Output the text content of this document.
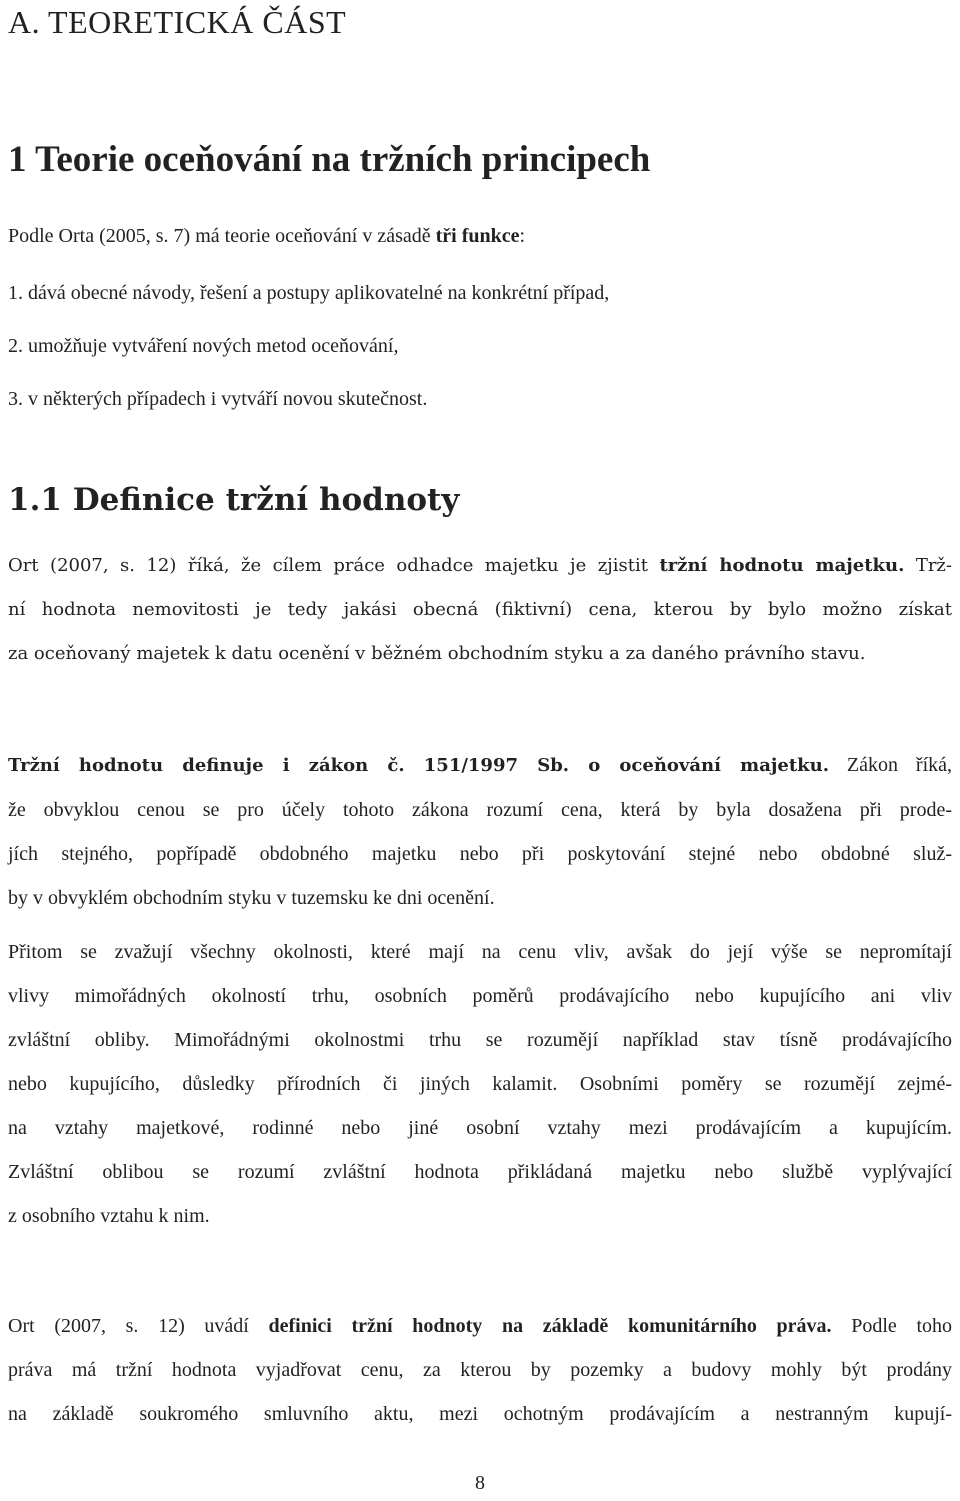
A. TEORETICKÁ ČÁST
1 Teorie oceňování na tržních principech
Podle Orta (2005, s. 7) má teorie oceňování v zásadě tři funkce:
1. dává obecné návody, řešení a postupy aplikovatelné na konkrétní případ,
2. umožňuje vytváření nových metod oceňování,
3. v některých případech i vytváří novou skutečnost.
1.1 Definice tržní hodnoty
Ort (2007, s. 12) říká, že cílem práce odhadce majetku je zjistit tržní hodnotu majetku. Trž-
ní hodnota nemovitosti je tedy jakási obecná (fiktivní) cena, kterou by bylo možno získat
za oceňovaný majetek k datu ocenění v běžném obchodním styku a za daného právního stavu.
Tržní hodnotu definuje i zákon č. 151/1997 Sb. o oceňování majetku. Zákon říká,
že obvyklou cenou se pro účely tohoto zákona rozumí cena, která by byla dosažena při prode-
jích stejného, popřípadě obdobného majetku nebo při poskytování stejné nebo obdobné služ-
by v obvyklém obchodním styku v tuzemsku ke dni ocenění.
Přitom se zvažují všechny okolnosti, které mají na cenu vliv, avšak do její výše se nepromítají
vlivy mimořádných okolností trhu, osobních poměrů prodávajícího nebo kupujícího ani vliv
zvláštní obliby. Mimořádnými okolnostmi trhu se rozumějí například stav tísně prodávajícího
nebo kupujícího, důsledky přírodních či jiných kalamit. Osobními poměry se rozumějí zejmé-
na vztahy majetkové, rodinné nebo jiné osobní vztahy mezi prodávajícím a kupujícím.
Zvláštní oblibou se rozumí zvláštní hodnota přikládaná majetku nebo službě vyplývající
z osobního vztahu k nim.
Ort (2007, s. 12) uvádí definici tržní hodnoty na základě komunitárního práva. Podle toho
práva má tržní hodnota vyjadřovat cenu, za kterou by pozemky a budovy mohly být prodány
na základě soukromého smluvního aktu, mezi ochotným prodávajícím a nestranným kupují-
8
